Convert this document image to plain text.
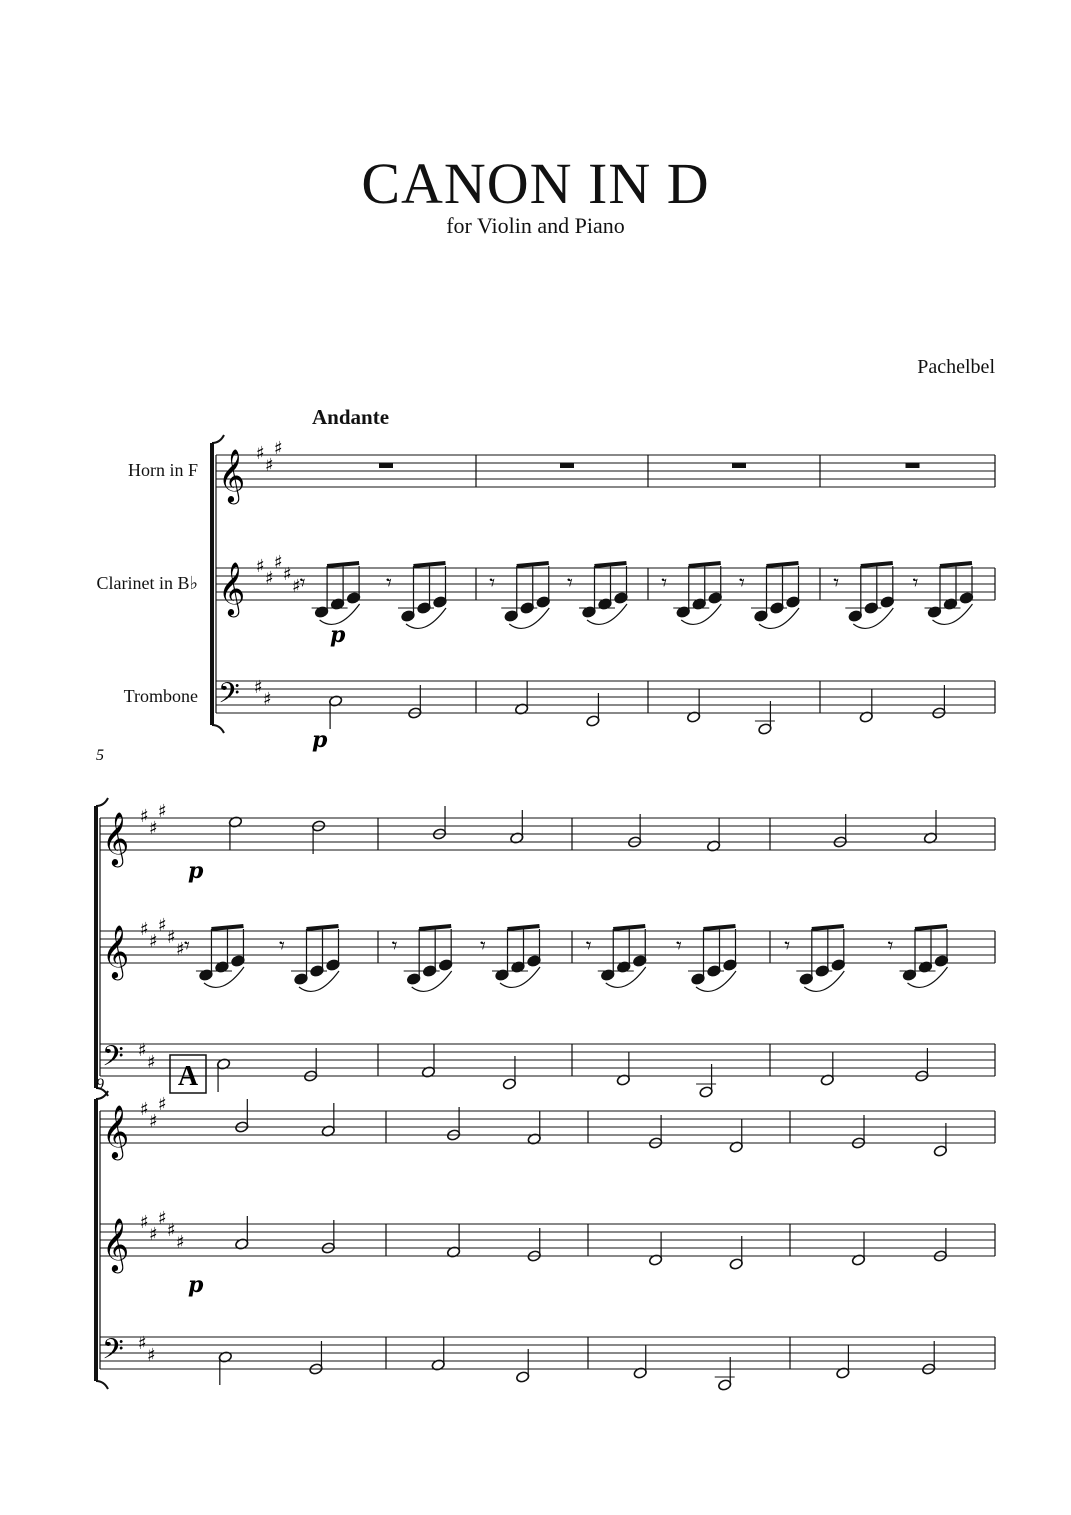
CANON IN D
for Violin and Piano
Pachelbel
Andante
Horn in F
Clarinet in B♭
Trombone
𝄞 ♯
♯
♯
𝄞 ♯
♯
♯
♯
♯
𝄢 ♯
♯
𝄾	𝄾	𝄾	𝄾	𝄾	𝄾	𝄾	𝄾
p
p
𝄞 ♯
♯
♯
𝄞 ♯
♯
♯
♯
♯
𝄢 ♯
♯
p
𝄾	𝄾	𝄾	𝄾	𝄾	𝄾	𝄾	𝄾
𝄞 ♯
♯
♯
𝄞 ♯
♯
♯
♯
♯
𝄢 ♯
♯
p
5
9	A
